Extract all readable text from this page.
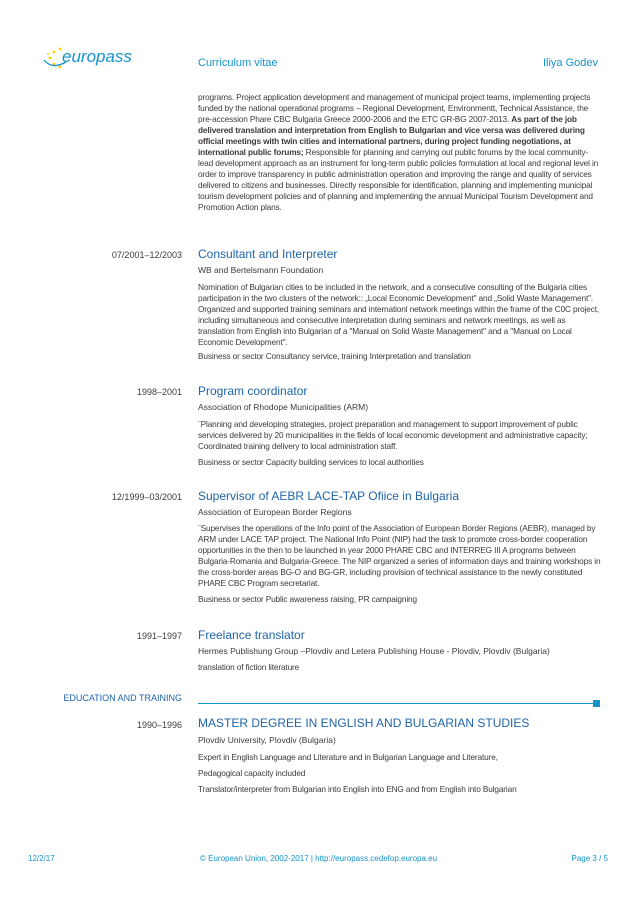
europass	Curriculum vitae	Iliya Godev
programs. Project application development and management of municipal project teams, implementing projects funded by the national operational programs – Regional Development, Environmentt, Technical Assistance, the pre-accession Phare CBC Bulgaria Greece 2000-2006 and the ETC GR-BG 2007-2013. As part of the job delivered translation and interpretation from English to Bulgarian and vice versa was delivered during official meetings with twin cities and international partners, during project funding negotiations, at international public forums; Responsible for planning and carrying out public forums by the local community-lead development approach as an instrument for long-term public policies formulation at local and regional level in order to improve transparency in public administration operation and improving the range and quality of services delivered to citizens and businesses. Directly responsible for identification, planning and implementing municipal tourism development policies and of planning and implementing the annual Municipal Tourism Development and Promotion Action plans.
07/2001–12/2003 Consultant and Interpreter
WB and Bertelsmann Foundation
Nomination of Bulgarian cities to be included in the network, and a consecutive consulting of the Bulgaria cities participation in the two clusters of the network:: „Local Economic Development" and „Solid Waste Management". Organized and supported training seminars and internationl network meetings within the frame of the C0C project, including simultaneous and consecutive interpretation during seminars and network meetings, as well as translation from English into Bulgarian of a "Manual on Solid Waste Management" and a "Manual on Local Economic Development".
Business or sector Consultancy service, training Interpretation and translation
1998–2001 Program coordinator
Association of Rhodope Municipalities (ARM)
¨Planning and developing strategies, project preparation and management to support improvement of public services delivered by 20 municipalities in the fields of local economic development and administrative capacity; Coordinated training delivery to local administration staff.
Business or sector Capacity building services to local authorities
12/1999–03/2001 Supervisor of AEBR LACE-TAP Ofiice in Bulgaria
Association of European Border Regions
¨Supervises the operations of the Info point of the Association of European Border Regions (AEBR), managed by ARM under LACE TAP project. The National Info Point (NIP) had the task to promote cross-border cooperation opportunities in the then to be launched in year 2000 PHARE CBC and INTERREG III A programs between Bulgaria-Romania and Bulgaria-Greece. The NIP organized a series of information days and training workshops in the cross-border areas BG-O and BG-GR, including provision of technical assistance to the newly constituted PHARE CBC Program secretariat.
Business or sector Public awareness raising, PR campaigning
1991–1997 Freelance translator
Hermes Publishung Group –Plovdiv and Letera Publishing House - Plovdiv, Plovdiv (Bulgaria)
translation of fiction literature
EDUCATION AND TRAINING
1990–1996 MASTER DEGREE IN ENGLISH AND BULGARIAN STUDIES
Plovdiv University, Plovdiv (Bulgaria)
Expert in English Language and Literature and in Bulgarian Language and Literature,
Pedagogical capacity included
Translator/interpreter from Bulgarian into English into ENG and from English into Bulgarian
12/2/17	© European Union, 2002-2017 | http://europass.cedefop.europa.eu	Page 3 / 5
